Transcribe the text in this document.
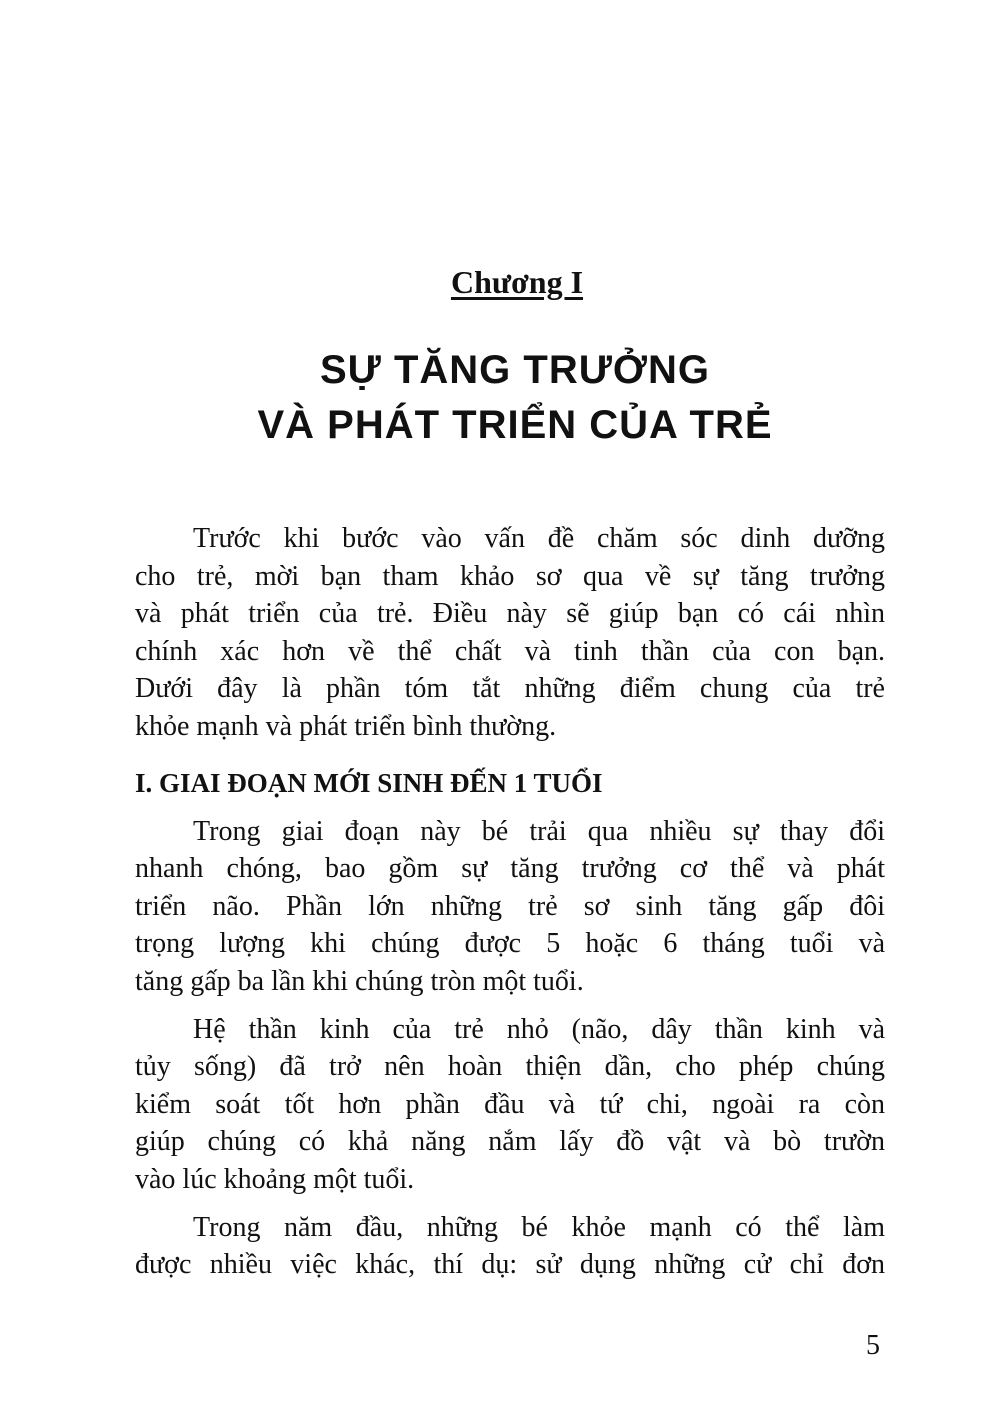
Chương I
SỰ TĂNG TRƯỞNG
VÀ PHÁT TRIỂN CỦA TRẺ
Trước khi bước vào vấn đề chăm sóc dinh dưỡng
cho trẻ, mời bạn tham khảo sơ qua về sự tăng trưởng
và phát triển của trẻ. Điều này sẽ giúp bạn có cái nhìn
chính xác hơn về thể chất và tinh thần của con bạn.
Dưới đây là phần tóm tắt những điểm chung của trẻ
khỏe mạnh và phát triển bình thường.
I. GIAI ĐOẠN MỚI SINH ĐẾN 1 TUỔI
Trong giai đoạn này bé trải qua nhiều sự thay đổi
nhanh chóng, bao gồm sự tăng trưởng cơ thể và phát
triển não. Phần lớn những trẻ sơ sinh tăng gấp đôi
trọng lượng khi chúng được 5 hoặc 6 tháng tuổi và
tăng gấp ba lần khi chúng tròn một tuổi.
Hệ thần kinh của trẻ nhỏ (não, dây thần kinh và
tủy sống) đã trở nên hoàn thiện dần, cho phép chúng
kiểm soát tốt hơn phần đầu và tứ chi, ngoài ra còn
giúp chúng có khả năng nắm lấy đồ vật và bò trườn
vào lúc khoảng một tuổi.
Trong năm đầu, những bé khỏe mạnh có thể làm
được nhiều việc khác, thí dụ: sử dụng những cử chỉ đơn
5
